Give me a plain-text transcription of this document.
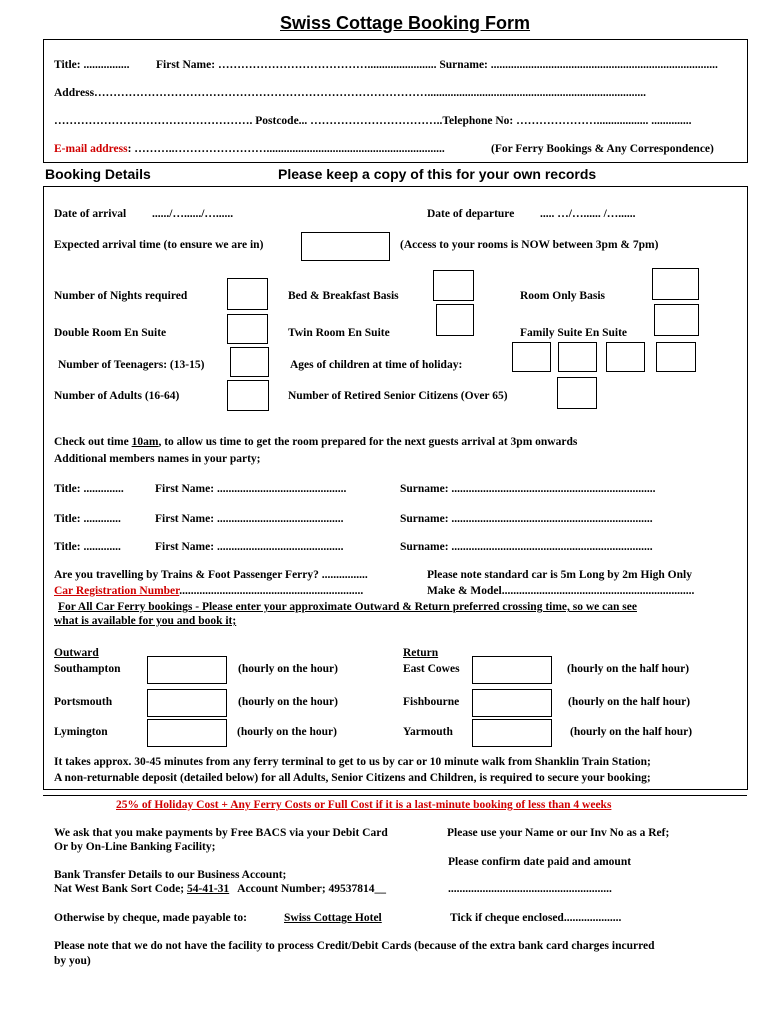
Swiss Cottage Booking Form
Title: ................ First Name: …………………………………........................ Surname: ...............................................................................
Address……………………………………………………………………………............................................................................
……………………………………………. Postcode... ……………………………..Telephone No: ………………….................. ..............
E-mail address: ………..……………………..............................................................	(For Ferry Bookings & Any Correspondence)
Booking Details	Please keep a copy of this for your own records
Date of arrival ....../…....../…......	Date of departure ..... …/…...... /…......
Expected arrival time (to ensure we are in)	(Access to your rooms is NOW between 3pm & 7pm)
Number of Nights required	Bed & Breakfast Basis	Room Only Basis
Double Room En Suite	Twin Room En Suite	Family Suite En Suite
Number of Teenagers: (13-15)	Ages of children at time of holiday:
Number of Adults (16-64)	Number of Retired Senior Citizens (Over 65)
Check out time 10am, to allow us time to get the room prepared for the next guests arrival at 3pm onwards
Additional members names in your party;
Title: ..............	First Name: .............................................	Surname: .......................................................................
Title: .............	First Name: ............................................	Surname: ......................................................................
Title: .............	First Name: ............................................	Surname: ......................................................................
Are you travelling by Trains & Foot Passenger Ferry? ................	Please note standard car is 5m Long by 2m High Only
Car Registration Number................................................................	Make & Model...................................................................
For All Car Ferry bookings - Please enter your approximate Outward & Return preferred crossing time, so we can see
what is available for you and book it;
Outward	Return
Southampton	(hourly on the hour)	East Cowes	(hourly on the half hour)
Portsmouth	(hourly on the hour)	Fishbourne	(hourly on the half hour)
Lymington	(hourly on the hour)	Yarmouth	(hourly on the half hour)
It takes approx. 30-45 minutes from any ferry terminal to get to us by car or 10 minute walk from Shanklin Train Station;
A non-returnable deposit (detailed below) for all Adults, Senior Citizens and Children, is required to secure your booking;
25% of Holiday Cost + Any Ferry Costs or Full Cost if it is a last-minute booking of less than 4 weeks
We ask that you make payments by Free BACS via your Debit Card
Or by On-Line Banking Facility;
Please use your Name or our Inv No as a Ref;
Please confirm date paid and amount
Bank Transfer Details to our Business Account;
Nat West Bank Sort Code; 54-41-31   Account Number; 49537814__	.........................................................
Otherwise by cheque, made payable to:	Swiss Cottage Hotel	Tick if cheque enclosed....................
Please note that we do not have the facility to process Credit/Debit Cards (because of the extra bank card charges incurred
by you)
